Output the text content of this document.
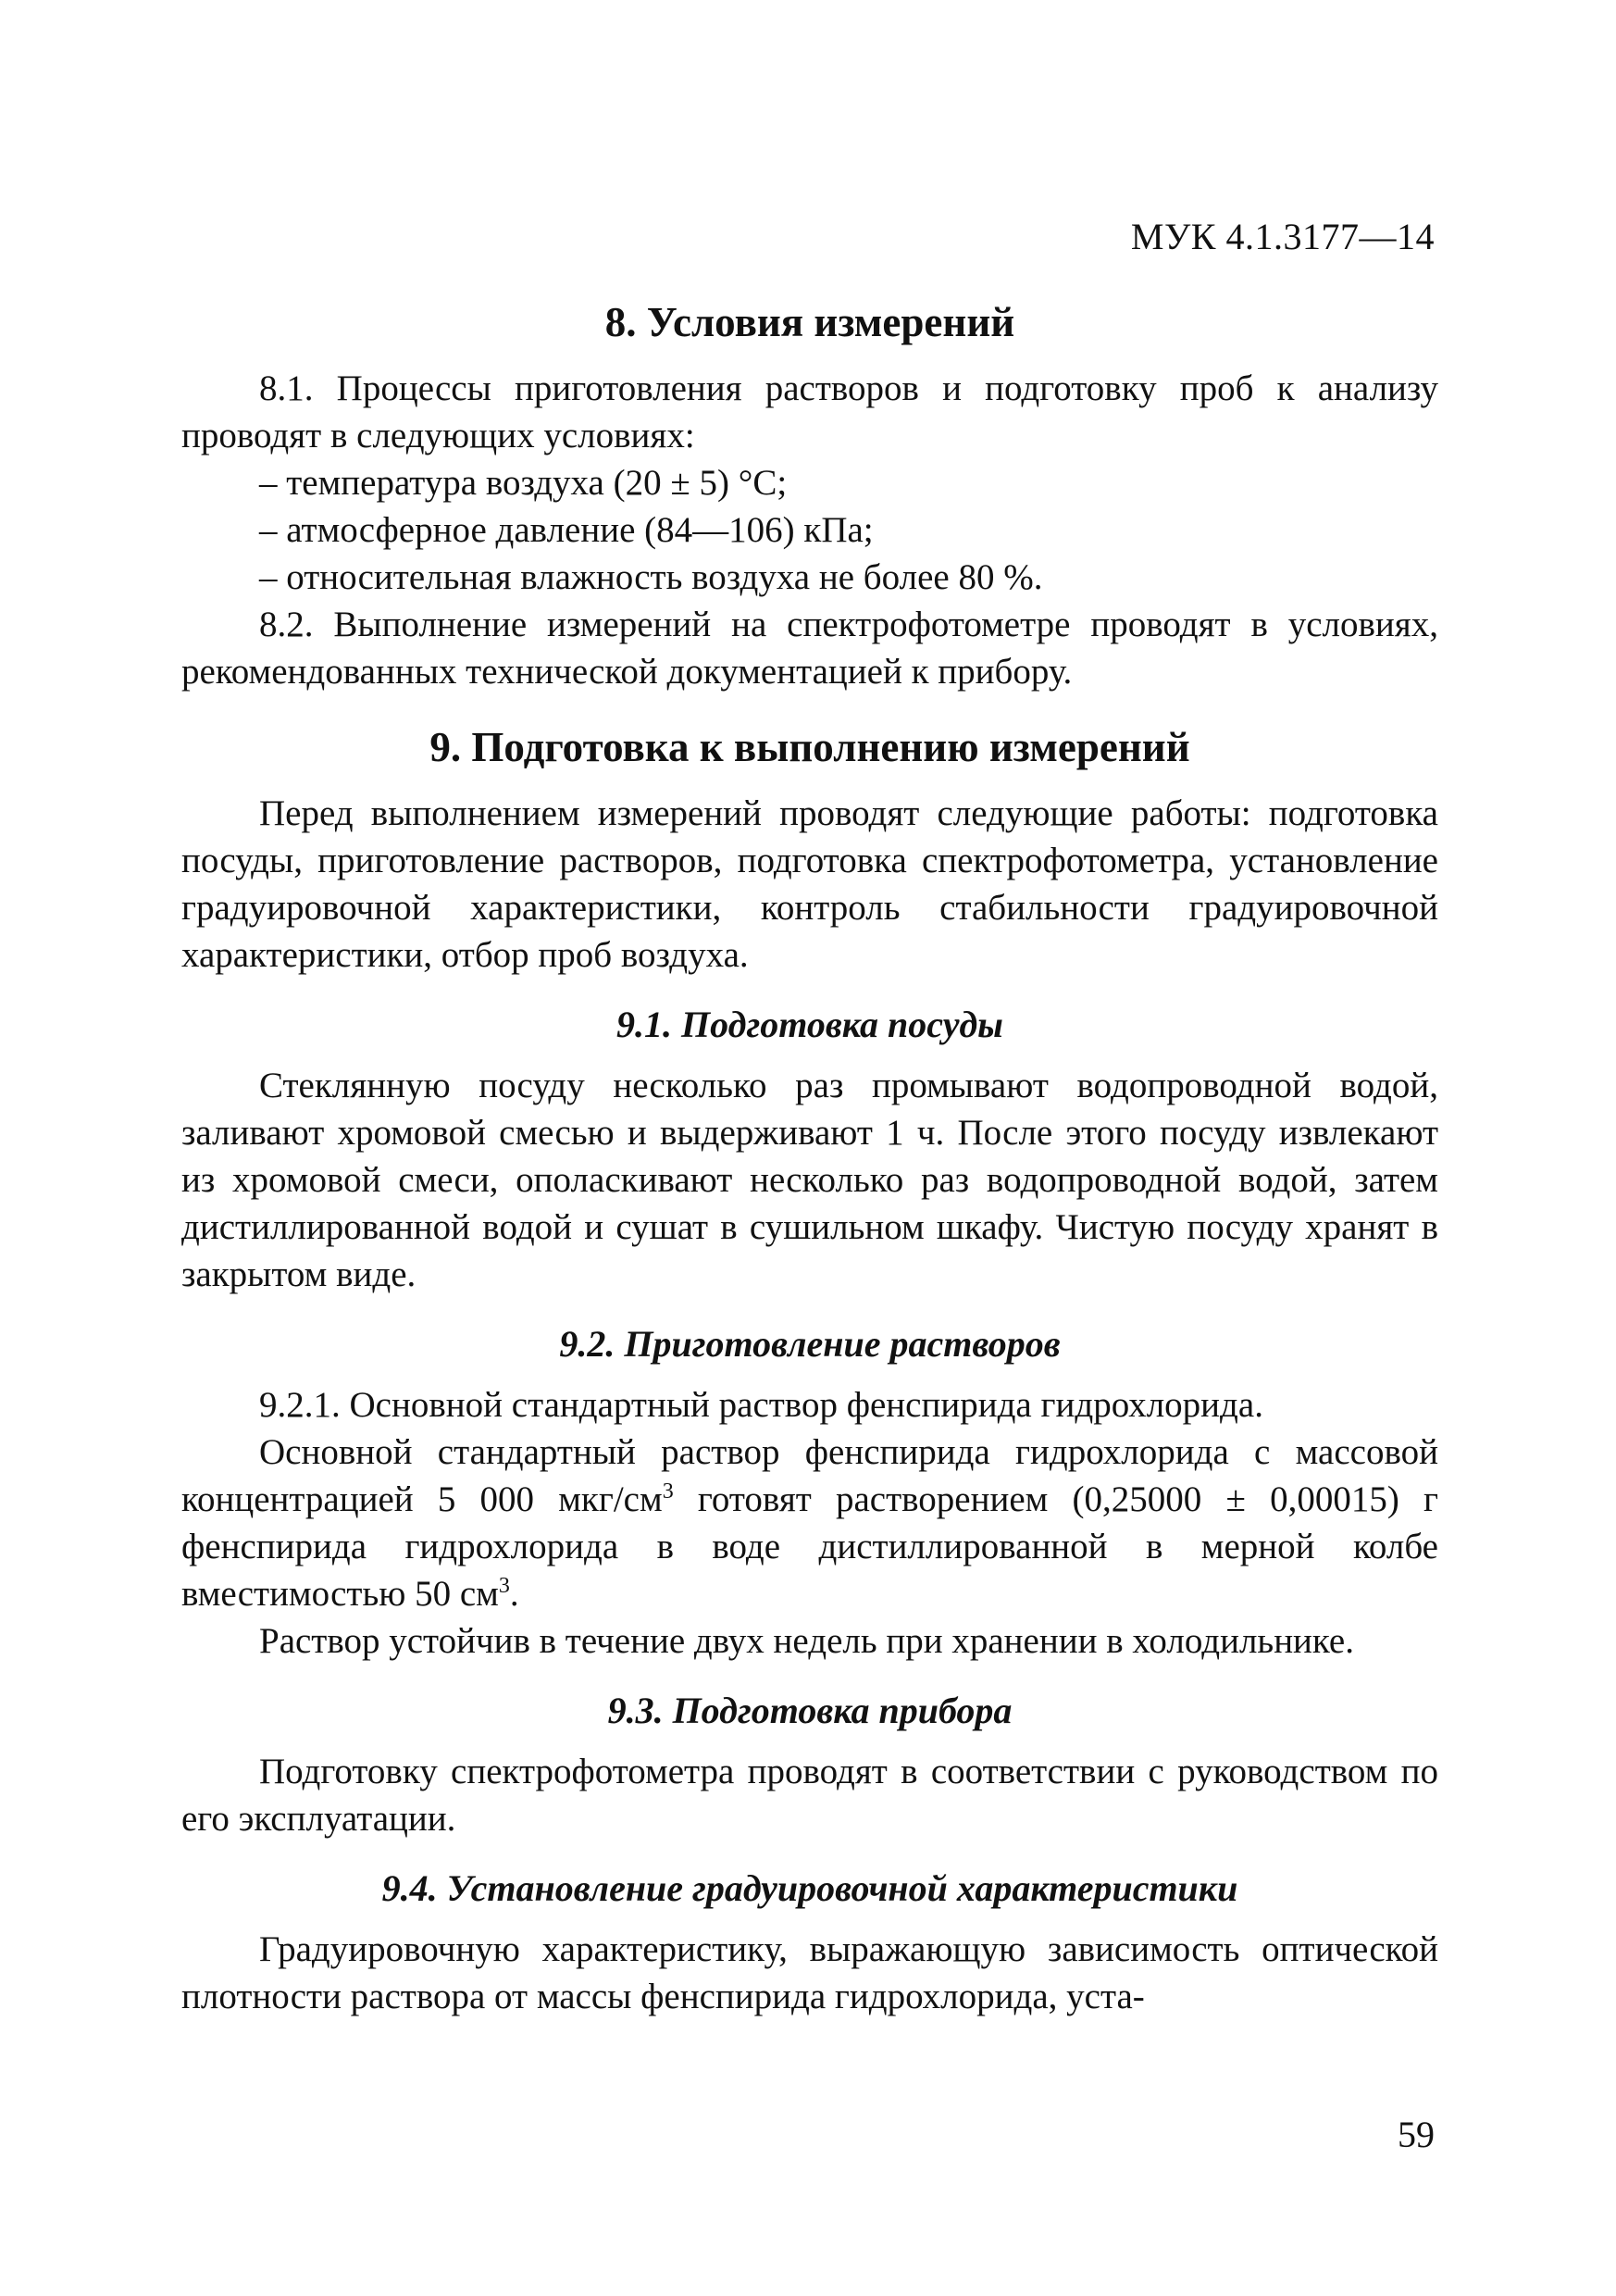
МУК 4.1.3177—14

8. Условия измерений

8.1. Процессы приготовления растворов и подготовку проб к анализу проводят в следующих условиях:

– температура воздуха (20 ± 5) °С;

– атмосферное давление (84—106) кПа;

– относительная влажность воздуха не более 80 %.

8.2. Выполнение измерений на спектрофотометре проводят в условиях, рекомендованных технической документацией к прибору.

9. Подготовка к выполнению измерений

Перед выполнением измерений проводят следующие работы: подготовка посуды, приготовление растворов, подготовка спектрофотометра, установление градуировочной характеристики, контроль стабильности градуировочной характеристики, отбор проб воздуха.

9.1. Подготовка посуды

Стеклянную посуду несколько раз промывают водопроводной водой, заливают хромовой смесью и выдерживают 1 ч. После этого посуду извлекают из хромовой смеси, ополаскивают несколько раз водопроводной водой, затем дистиллированной водой и сушат в сушильном шкафу. Чистую посуду хранят в закрытом виде.

9.2. Приготовление растворов

9.2.1. Основной стандартный раствор фенспирида гидрохлорида.

Основной стандартный раствор фенспирида гидрохлорида с массовой концентрацией 5 000 мкг/$см^3$ готовят растворением (0,25000 ± 0,00015) г фенспирида гидрохлорида в воде дистиллированной в мерной колбе вместимостью 50 $см^3$.

Раствор устойчив в течение двух недель при хранении в холодильнике.

9.3. Подготовка прибора

Подготовку спектрофотометра проводят в соответствии с руководством по его эксплуатации.

9.4. Установление градуировочной характеристики

Градуировочную характеристику, выражающую зависимость оптической плотности раствора от массы фенспирида гидрохлорида, уста-

59
